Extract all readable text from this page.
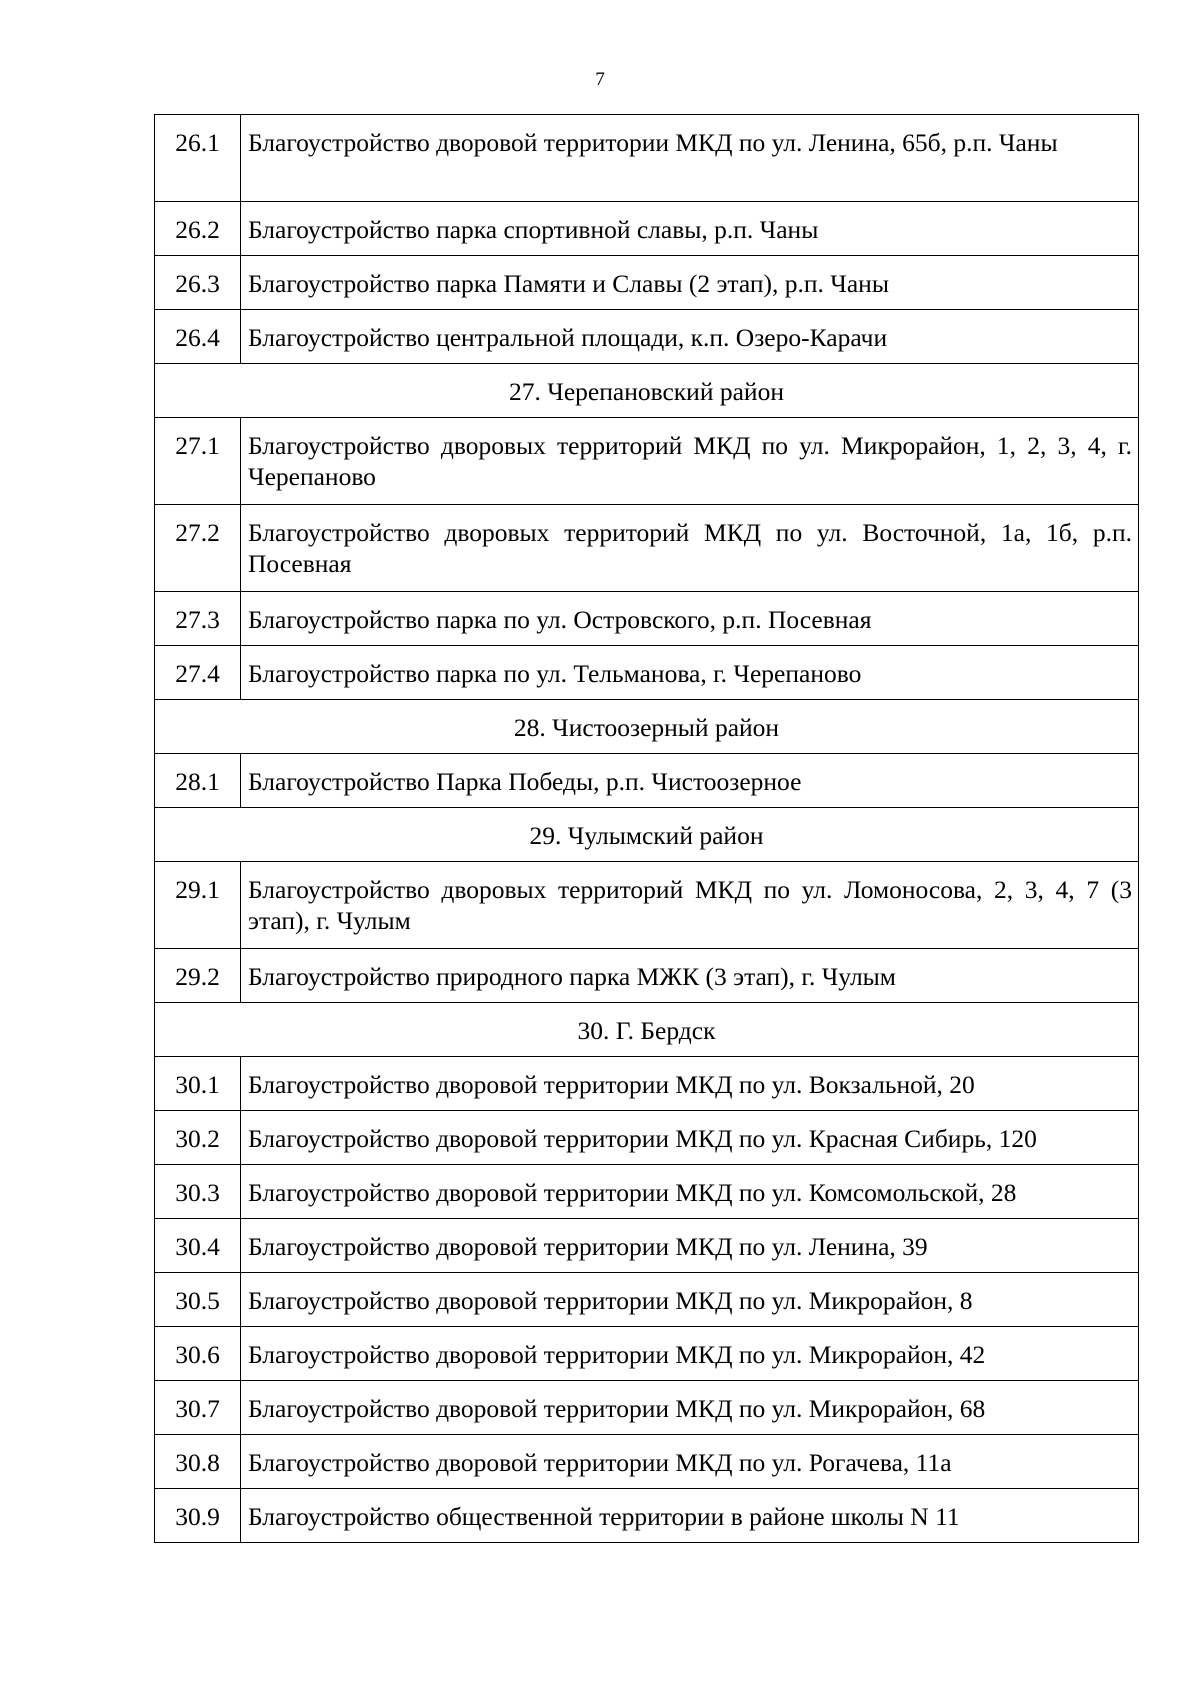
7
26.1	Благоустройство дворовой территории МКД по ул. Ленина, 65б, р.п. Чаны
26.2	Благоустройство парка спортивной славы, р.п. Чаны
26.3	Благоустройство парка Памяти и Славы (2 этап), р.п. Чаны
26.4	Благоустройство центральной площади, к.п. Озеро-Карачи
27. Черепановский район	
27.1	Благоустройство дворовых территорий МКД по ул. Микрорайон, 1, 2, 3, 4, г. Черепаново
27.2	Благоустройство дворовых территорий МКД по ул. Восточной, 1а, 1б, р.п. Посевная
27.3	Благоустройство парка по ул. Островского, р.п. Посевная
27.4	Благоустройство парка по ул. Тельманова, г. Черепаново
28. Чистоозерный район	
28.1	Благоустройство Парка Победы, р.п. Чистоозерное
29. Чулымский район	
29.1	Благоустройство дворовых территорий МКД по ул. Ломоносова, 2, 3, 4, 7 (3 этап), г. Чулым
29.2	Благоустройство природного парка МЖК (3 этап), г. Чулым
30. Г. Бердск	
30.1	Благоустройство дворовой территории МКД по ул. Вокзальной, 20
30.2	Благоустройство дворовой территории МКД по ул. Красная Сибирь, 120
30.3	Благоустройство дворовой территории МКД по ул. Комсомольской, 28
30.4	Благоустройство дворовой территории МКД по ул. Ленина, 39
30.5	Благоустройство дворовой территории МКД по ул. Микрорайон, 8
30.6	Благоустройство дворовой территории МКД по ул. Микрорайон, 42
30.7	Благоустройство дворовой территории МКД по ул. Микрорайон, 68
30.8	Благоустройство дворовой территории МКД по ул. Рогачева, 11а
30.9	Благоустройство общественной территории в районе школы N 11
